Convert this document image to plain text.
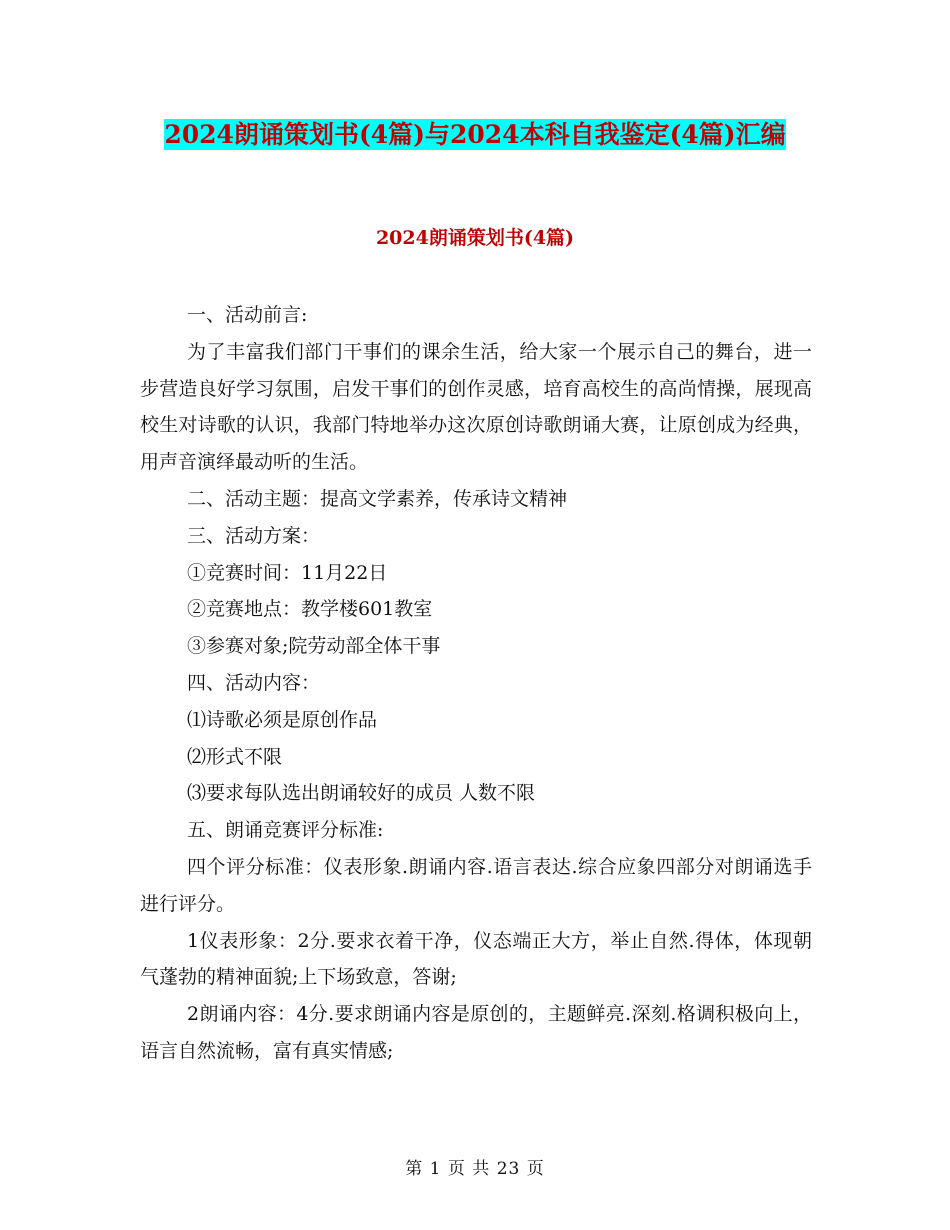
2024朗诵策划书(4篇)与2024本科自我鉴定(4篇)汇编
2024朗诵策划书(4篇)

一、活动前言:

为了丰富我们部门干事们的课余生活，给大家一个展示自己的舞台，进一步营造良好学习氛围，启发干事们的创作灵感，培育高校生的高尚情操，展现高校生对诗歌的认识，我部门特地举办这次原创诗歌朗诵大赛，让原创成为经典，用声音演绎最动听的生活。

二、活动主题：提高文学素养，传承诗文精神

三、活动方案：

①竞赛时间：11月22日

②竞赛地点：教学楼601教室

③参赛对象;院劳动部全体干事

四、活动内容：

⑴诗歌必须是原创作品

⑵形式不限

⑶要求每队选出朗诵较好的成员 人数不限

五、朗诵竞赛评分标准:

四个评分标准：仪表形象.朗诵内容.语言表达.综合应象四部分对朗诵选手进行评分。

1仪表形象：2分.要求衣着干净，仪态端正大方，举止自然.得体，体现朝气蓬勃的精神面貌;上下场致意，答谢;

2朗诵内容：4分.要求朗诵内容是原创的，主题鲜亮.深刻.格调积极向上，语言自然流畅，富有真实情感;

第 1 页 共 23 页
